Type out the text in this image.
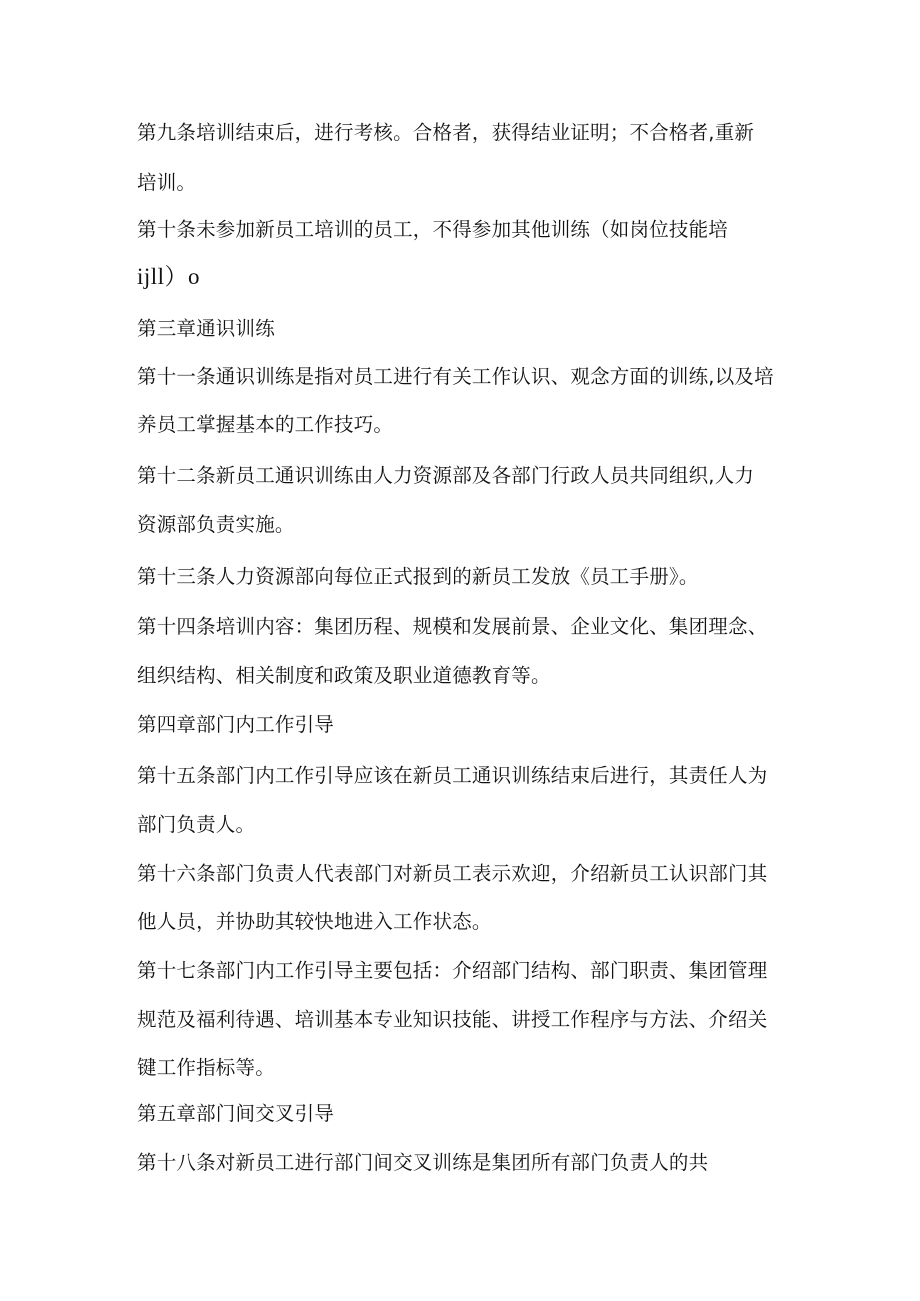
第九条培训结束后，进行考核。合格者，获得结业证明；不合格者,重新
培训。
第十条未参加新员工培训的员工，不得参加其他训练（如岗位技能培
ijll）o
第三章通识训练
第十一条通识训练是指对员工进行有关工作认识、观念方面的训练,以及培
养员工掌握基本的工作技巧。
第十二条新员工通识训练由人力资源部及各部门行政人员共同组织,人力
资源部负责实施。
第十三条人力资源部向每位正式报到的新员工发放《员工手册》。
第十四条培训内容：集团历程、规模和发展前景、企业文化、集团理念、
组织结构、相关制度和政策及职业道德教育等。
第四章部门内工作引导
第十五条部门内工作引导应该在新员工通识训练结束后进行，其责任人为
部门负责人。
第十六条部门负责人代表部门对新员工表示欢迎，介绍新员工认识部门其
他人员，并协助其较快地进入工作状态。
第十七条部门内工作引导主要包括：介绍部门结构、部门职责、集团管理
规范及福利待遇、培训基本专业知识技能、讲授工作程序与方法、介绍关
键工作指标等。
第五章部门间交叉引导
第十八条对新员工进行部门间交叉训练是集团所有部门负责人的共
